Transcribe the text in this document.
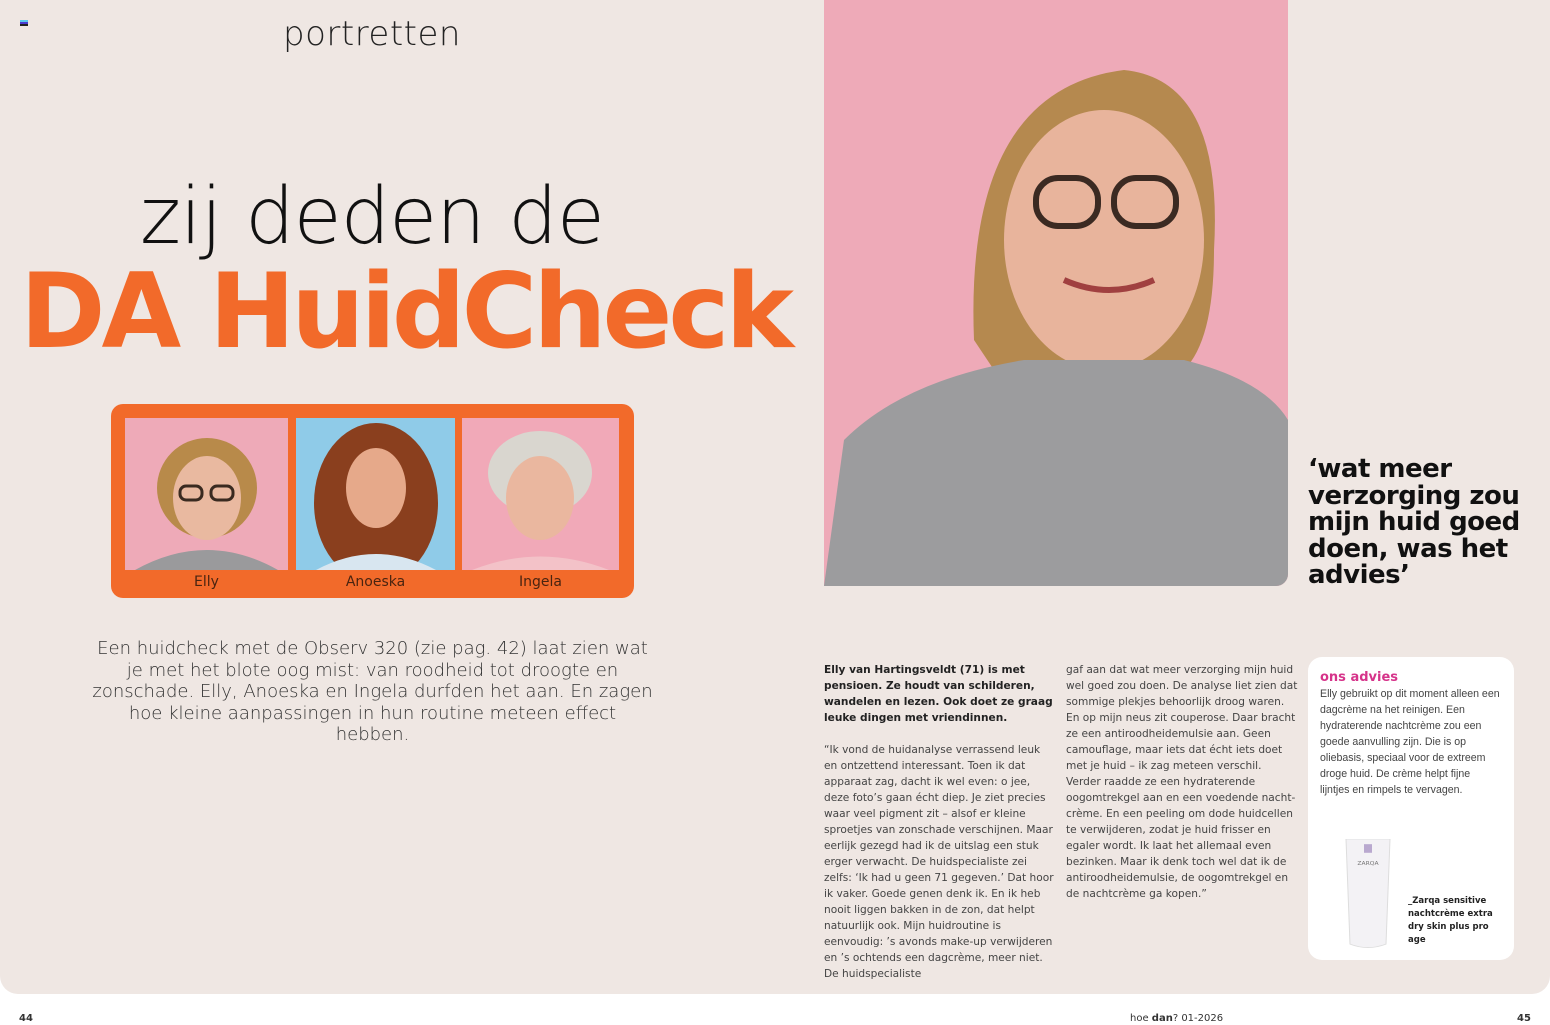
portretten
zij deden de
DA HuidCheck
Elly	Anoeska	Ingela
Een huidcheck met de Observ 320 (zie pag. 42) laat zien wat je met het blote oog mist: van roodheid tot droogte en zonschade. Elly, Anoeska en Ingela durfden het aan. En zagen hoe kleine aanpassingen in hun routine meteen effect hebben.
‘wat meer verzorging zou mijn huid goed doen, was het advies’

Elly van Hartingsveldt (71) is met pensioen. Ze houdt van schilderen, wandelen en lezen. Ook doet ze graag leuke dingen met vriendinnen.

“Ik vond de huidanalyse verrassend leuk en ontzettend interessant. Toen ik dat apparaat zag, dacht ik wel even: o jee, deze foto’s gaan écht diep. Je ziet precies waar veel pigment zit – alsof er kleine sproetjes van zonschade verschijnen. Maar eerlijk gezegd had ik de uitslag een stuk erger verwacht. De huidspecialiste zei zelfs: ‘Ik had u geen 71 gegeven.’ Dat hoor ik vaker. Goede genen denk ik. En ik heb nooit liggen bakken in de zon, dat helpt natuurlijk ook. Mijn huidroutine is eenvoudig: ’s avonds make-up verwijderen en ’s ochtends een dagcrème, meer niet. De huidspecialiste

gaf aan dat wat meer verzorging mijn huid wel goed zou doen. De analyse liet zien dat sommige plekjes behoorlijk droog waren. En op mijn neus zit couperose. Daar bracht ze een antiroodheidemulsie aan. Geen camouflage, maar iets dat écht iets doet met je huid – ik zag meteen verschil. Verder raadde ze een hydraterende oogomtrekgel aan en een voedende nacht-crème. En een peeling om dode huidcellen te verwijderen, zodat je huid frisser en egaler wordt. Ik laat het allemaal even bezinken. Maar ik denk toch wel dat ik de antiroodheidemulsie, de oogomtrekgel en de nachtcrème ga kopen.”
ons advies
Elly gebruikt op dit moment alleen een dagcrème na het reinigen. Een hydraterende nachtcrème zou een goede aanvulling zijn. Die is op oliebasis, speciaal voor de extreem droge huid. De crème helpt fijne lijntjes en rimpels te vervagen.
ZARQA
_Zarqa sensitive nachtcrème extra dry skin plus pro age
44	hoe dan? 01-2026	45
